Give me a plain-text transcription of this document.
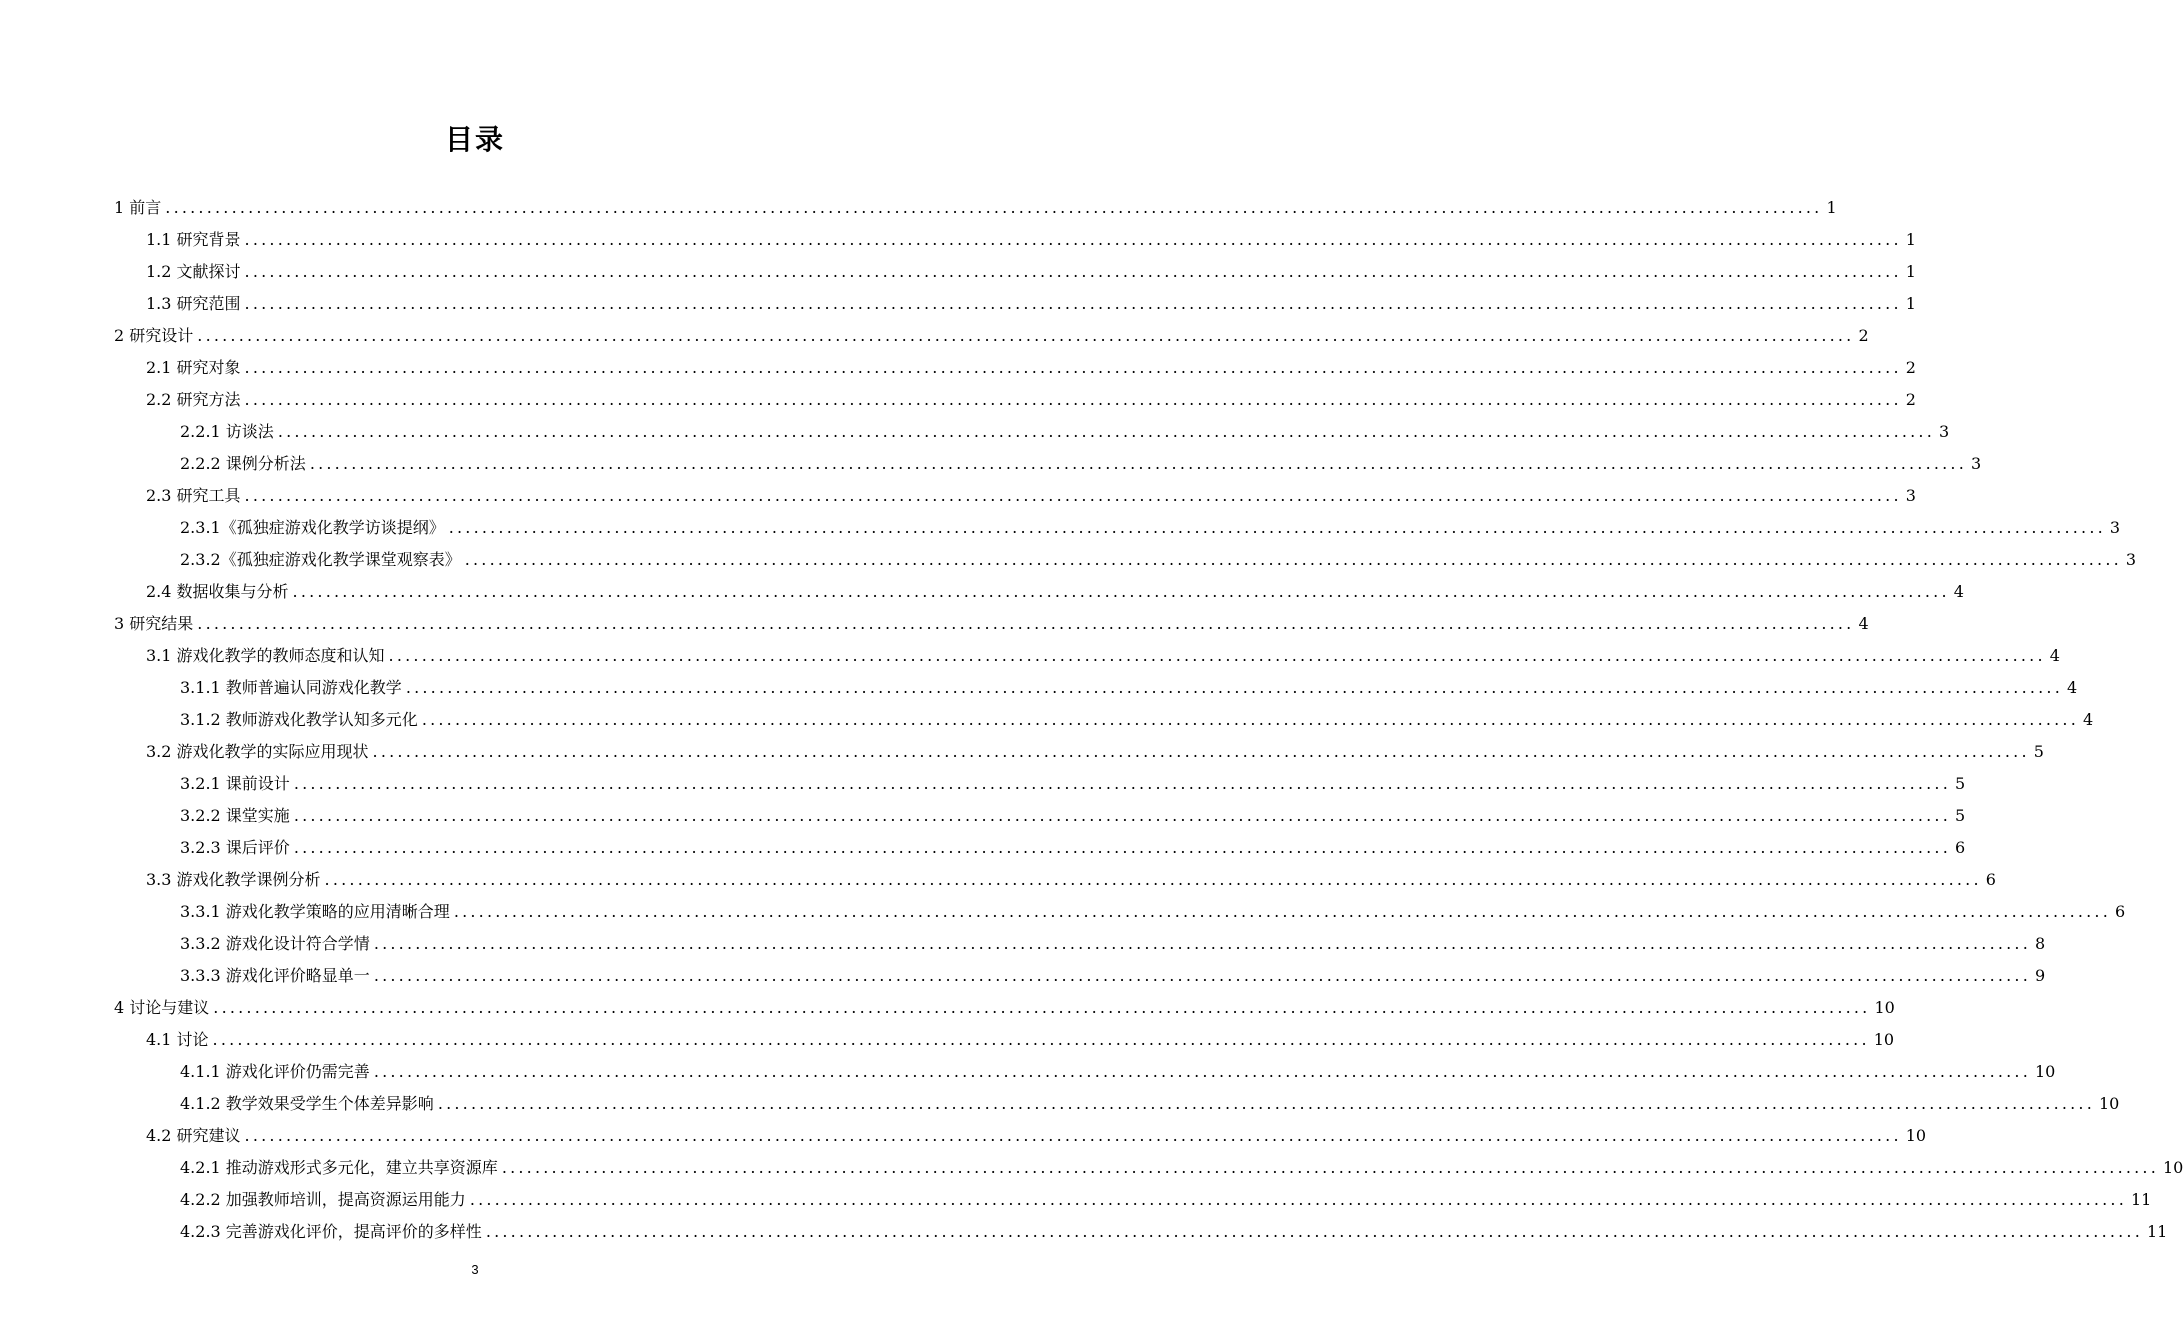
目录
1 前言 ........................................................................................................................................................................................................ 1
1.1 研究背景 ........................................................................................................................................................................................................ 1
1.2 文献探讨 ........................................................................................................................................................................................................ 1
1.3 研究范围 ........................................................................................................................................................................................................ 1
2 研究设计 ........................................................................................................................................................................................................ 2
2.1 研究对象 ........................................................................................................................................................................................................ 2
2.2 研究方法 ........................................................................................................................................................................................................ 2
2.2.1 访谈法 ........................................................................................................................................................................................................ 3
2.2.2 课例分析法 ........................................................................................................................................................................................................ 3
2.3 研究工具 ........................................................................................................................................................................................................ 3
2.3.1《孤独症游戏化教学访谈提纲》 ........................................................................................................................................................................................................ 3
2.3.2《孤独症游戏化教学课堂观察表》 ........................................................................................................................................................................................................ 3
2.4 数据收集与分析 ........................................................................................................................................................................................................ 4
3 研究结果 ........................................................................................................................................................................................................ 4
3.1 游戏化教学的教师态度和认知 ........................................................................................................................................................................................................ 4
3.1.1 教师普遍认同游戏化教学 ........................................................................................................................................................................................................ 4
3.1.2 教师游戏化教学认知多元化 ........................................................................................................................................................................................................ 4
3.2 游戏化教学的实际应用现状 ........................................................................................................................................................................................................ 5
3.2.1 课前设计 ........................................................................................................................................................................................................ 5
3.2.2 课堂实施 ........................................................................................................................................................................................................ 5
3.2.3 课后评价 ........................................................................................................................................................................................................ 6
3.3 游戏化教学课例分析 ........................................................................................................................................................................................................ 6
3.3.1 游戏化教学策略的应用清晰合理 ........................................................................................................................................................................................................ 6
3.3.2 游戏化设计符合学情 ........................................................................................................................................................................................................ 8
3.3.3 游戏化评价略显单一 ........................................................................................................................................................................................................ 9
4 讨论与建议 ........................................................................................................................................................................................................ 10
4.1 讨论 ........................................................................................................................................................................................................ 10
4.1.1 游戏化评价仍需完善 ........................................................................................................................................................................................................ 10
4.1.2 教学效果受学生个体差异影响 ........................................................................................................................................................................................................ 10
4.2 研究建议 ........................................................................................................................................................................................................ 10
4.2.1 推动游戏形式多元化，建立共享资源库 ........................................................................................................................................................................................................ 10
4.2.2 加强教师培训，提高资源运用能力 ........................................................................................................................................................................................................ 11
4.2.3 完善游戏化评价，提高评价的多样性 ........................................................................................................................................................................................................ 11
3
